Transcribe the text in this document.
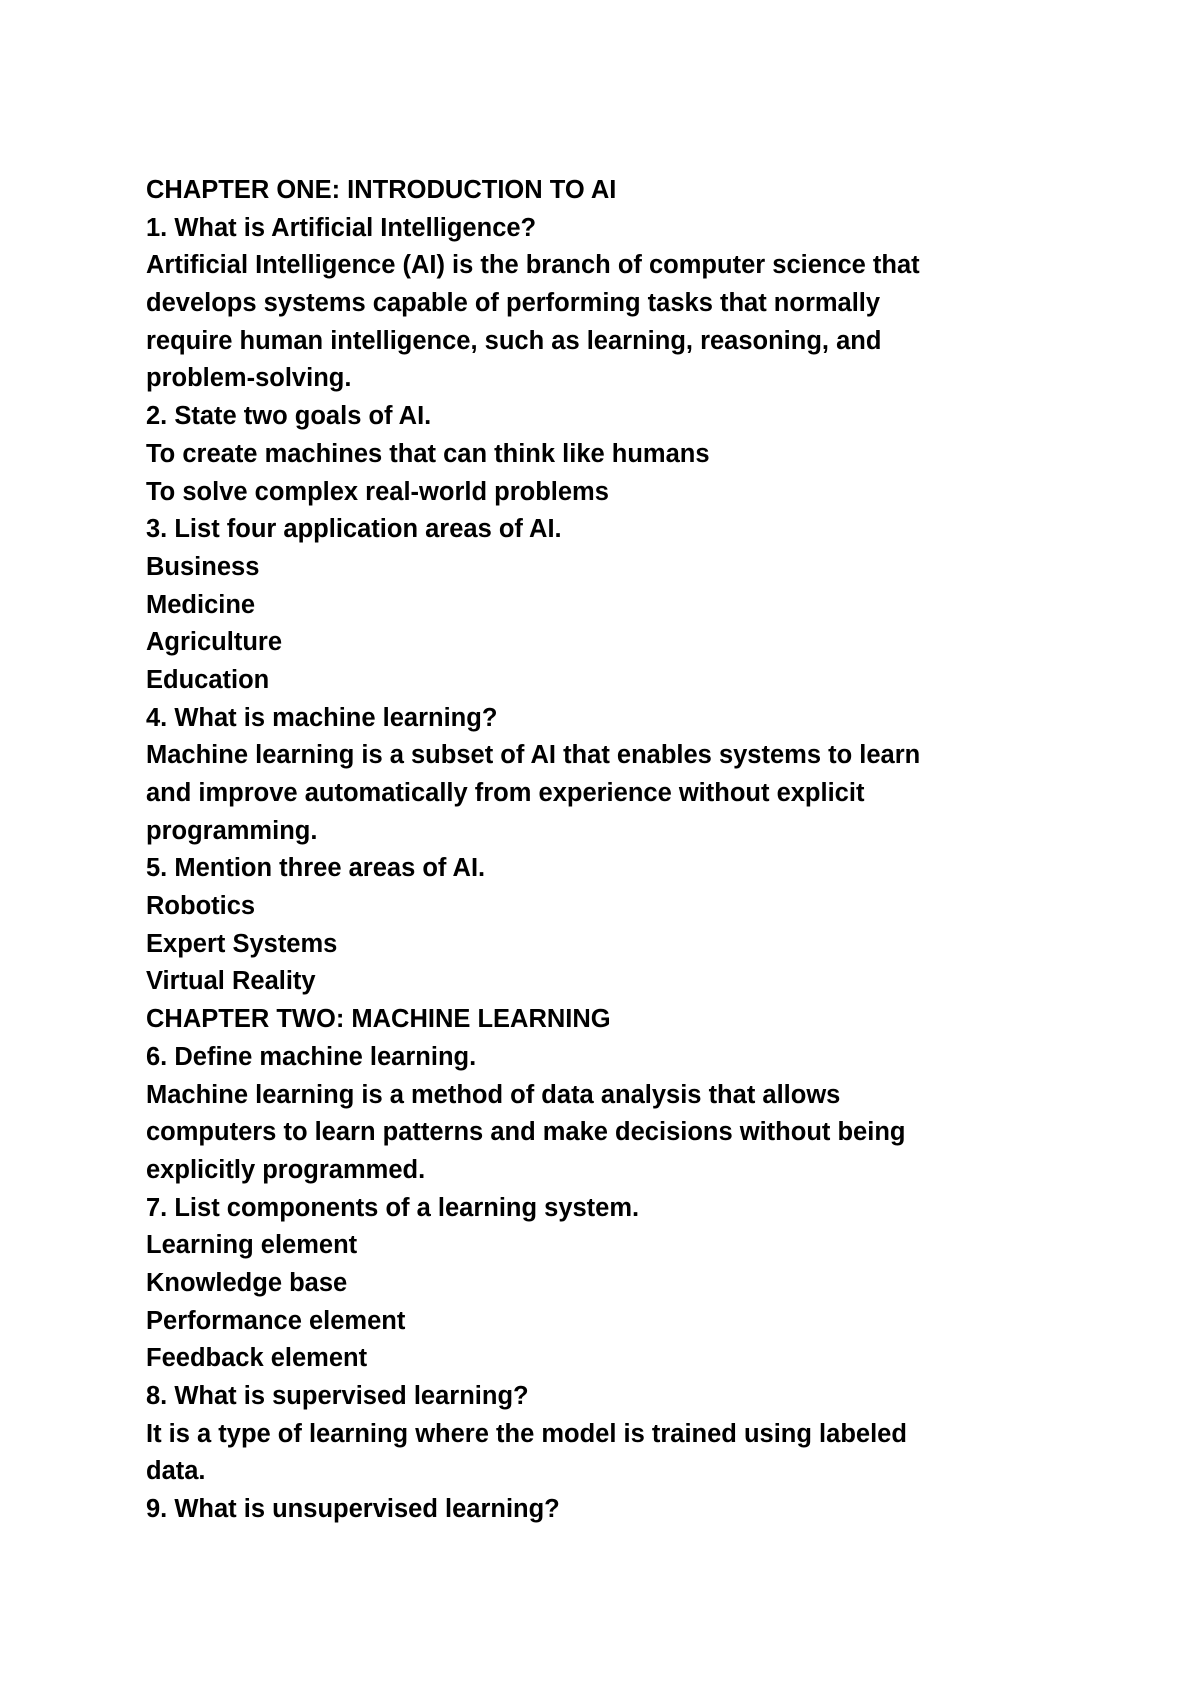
CHAPTER ONE: INTRODUCTION TO AI
1. What is Artificial Intelligence?
Artificial Intelligence (AI) is the branch of computer science that
develops systems capable of performing tasks that normally
require human intelligence, such as learning, reasoning, and
problem-solving.
2. State two goals of AI.
To create machines that can think like humans
To solve complex real-world problems
3. List four application areas of AI.
Business
Medicine
Agriculture
Education
4. What is machine learning?
Machine learning is a subset of AI that enables systems to learn
and improve automatically from experience without explicit
programming.
5. Mention three areas of AI.
Robotics
Expert Systems
Virtual Reality
CHAPTER TWO: MACHINE LEARNING
6. Define machine learning.
Machine learning is a method of data analysis that allows
computers to learn patterns and make decisions without being
explicitly programmed.
7. List components of a learning system.
Learning element
Knowledge base
Performance element
Feedback element
8. What is supervised learning?
It is a type of learning where the model is trained using labeled
data.
9. What is unsupervised learning?
